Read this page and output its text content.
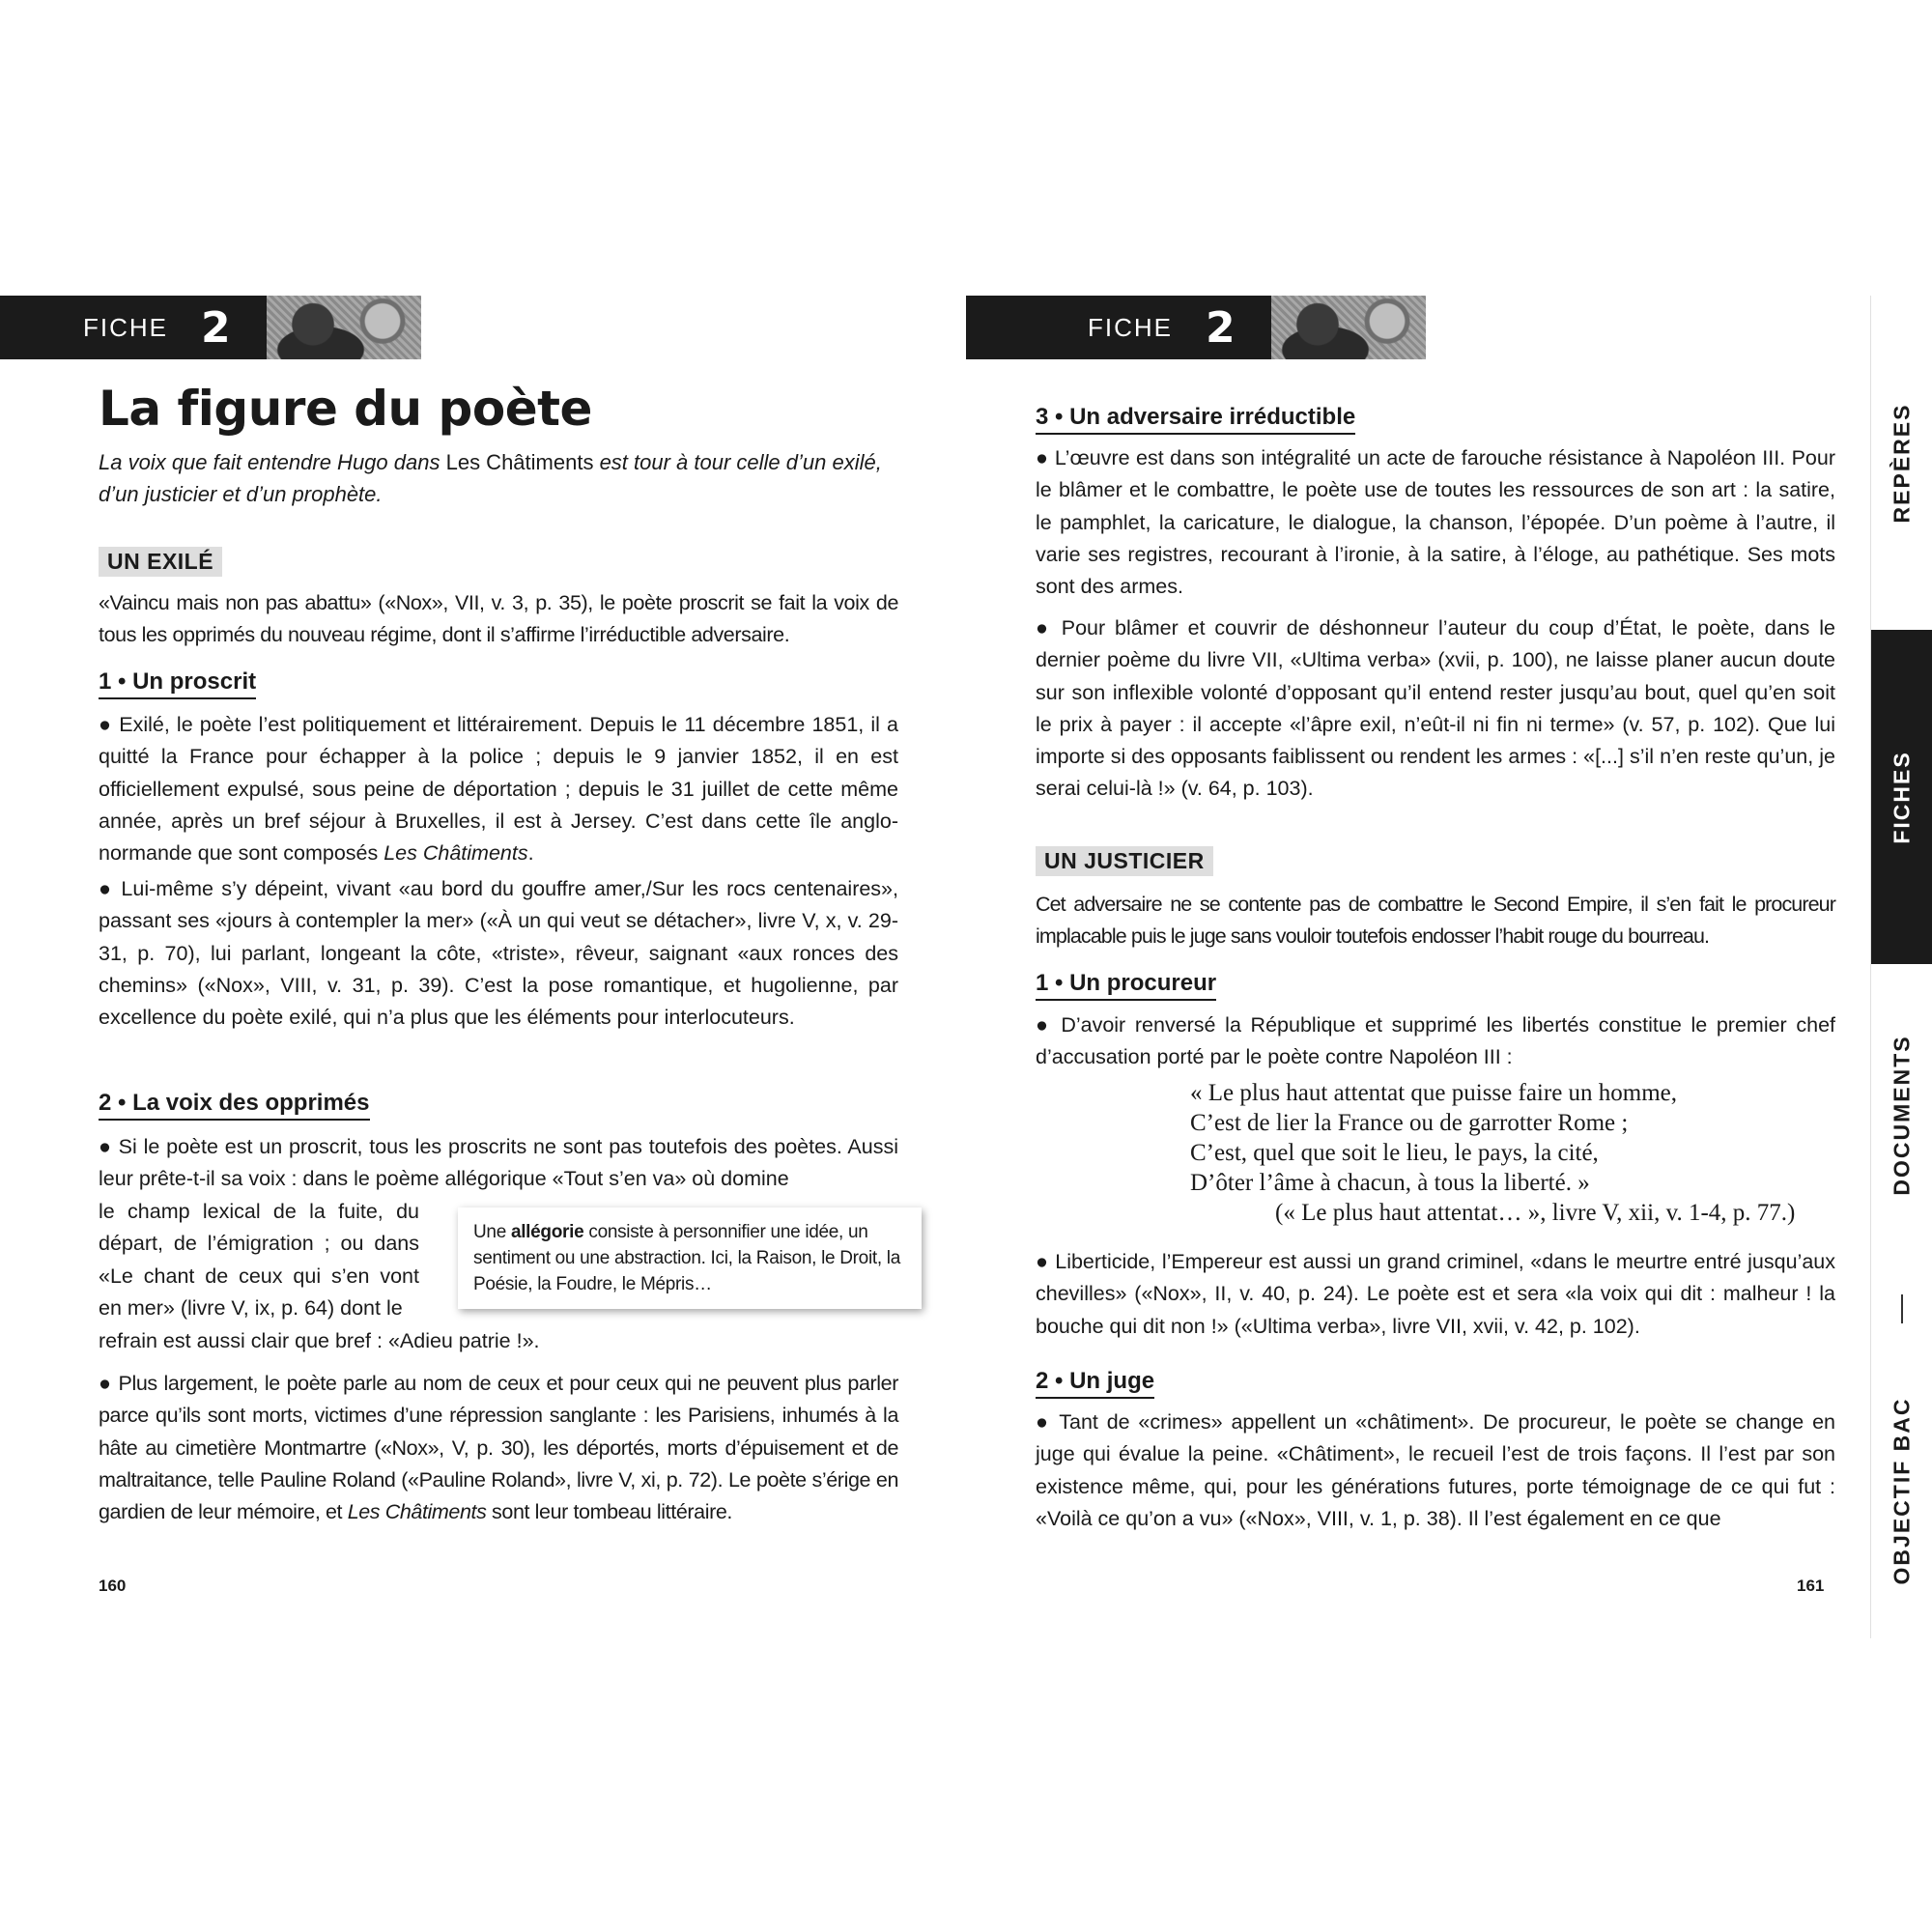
FICHE 2
La figure du poète

La voix que fait entendre Hugo dans Les Châtiments est tour à tour celle d’un exilé, d’un justicier et d’un prophète.

UN EXILÉ

«Vaincu mais non pas abattu» («Nox», VII, v. 3, p. 35), le poète proscrit se fait la voix de tous les opprimés du nouveau régime, dont il s’affirme l’irréductible adversaire.

1 • Un proscrit

● Exilé, le poète l’est politiquement et littérairement. Depuis le 11 décembre 1851, il a quitté la France pour échapper à la police ; depuis le 9 janvier 1852, il en est officiellement expulsé, sous peine de déportation ; depuis le 31 juillet de cette même année, après un bref séjour à Bruxelles, il est à Jersey. C’est dans cette île anglo-normande que sont composés Les Châtiments.

● Lui-même s’y dépeint, vivant «au bord du gouffre amer,/Sur les rocs centenaires», passant ses «jours à contempler la mer» («À un qui veut se détacher», livre V, x, v. 29-31, p. 70), lui parlant, longeant la côte, «triste», rêveur, saignant «aux ronces des chemins» («Nox», VIII, v. 31, p. 39). C’est la pose romantique, et hugolienne, par excellence du poète exilé, qui n’a plus que les éléments pour interlocuteurs.

2 • La voix des opprimés

● Si le poète est un proscrit, tous les proscrits ne sont pas toutefois des poètes. Aussi leur prête-t-il sa voix : dans le poème allégorique «Tout s’en va» où domine

le champ lexical de la fuite, du départ, de l’émigration ; ou dans «Le chant de ceux qui s’en vont en mer» (livre V, ix, p. 64) dont le

refrain est aussi clair que bref : «Adieu patrie !».

Une allégorie consiste à personnifier une idée, un sentiment ou une abstraction. Ici, la Raison, le Droit, la Poésie, la Foudre, le Mépris…

● Plus largement, le poète parle au nom de ceux et pour ceux qui ne peuvent plus parler parce qu’ils sont morts, victimes d’une répression sanglante : les Parisiens, inhumés à la hâte au cimetière Montmartre («Nox», V, p. 30), les déportés, morts d’épuisement et de maltraitance, telle Pauline Roland («Pauline Roland», livre V, xi, p. 72). Le poète s’érige en gardien de leur mémoire, et Les Châtiments sont leur tombeau littéraire.

160
FICHE 2
3 • Un adversaire irréductible

● L’œuvre est dans son intégralité un acte de farouche résistance à Napoléon III. Pour le blâmer et le combattre, le poète use de toutes les ressources de son art : la satire, le pamphlet, la caricature, le dialogue, la chanson, l’épopée. D’un poème à l’autre, il varie ses registres, recourant à l’ironie, à la satire, à l’éloge, au pathétique. Ses mots sont des armes.

● Pour blâmer et couvrir de déshonneur l’auteur du coup d’État, le poète, dans le dernier poème du livre VII, «Ultima verba» (xvii, p. 100), ne laisse planer aucun doute sur son inflexible volonté d’opposant qu’il entend rester jusqu’au bout, quel qu’en soit le prix à payer : il accepte «l’âpre exil, n’eût-il ni fin ni terme» (v. 57, p. 102). Que lui importe si des opposants faiblissent ou rendent les armes : «[...] s’il n’en reste qu’un, je serai celui-là !» (v. 64, p. 103).

UN JUSTICIER

Cet adversaire ne se contente pas de combattre le Second Empire, il s’en fait le procureur implacable puis le juge sans vouloir toutefois endosser l’habit rouge du bourreau.

1 • Un procureur

● D’avoir renversé la République et supprimé les libertés constitue le premier chef d’accusation porté par le poète contre Napoléon III :

« Le plus haut attentat que puisse faire un homme,
C’est de lier la France ou de garrotter Rome ;
C’est, quel que soit le lieu, le pays, la cité,
D’ôter l’âme à chacun, à tous la liberté. »
(« Le plus haut attentat… », livre V, xii, v. 1-4, p. 77.)

● Liberticide, l’Empereur est aussi un grand criminel, «dans le meurtre entré jusqu’aux chevilles» («Nox», II, v. 40, p. 24). Le poète est et sera «la voix qui dit : malheur ! la bouche qui dit non !» («Ultima verba», livre VII, xvii, v. 42, p. 102).

2 • Un juge

● Tant de «crimes» appellent un «châtiment». De procureur, le poète se change en juge qui évalue la peine. «Châtiment», le recueil l’est de trois façons. Il l’est par son existence même, qui, pour les générations futures, porte témoignage de ce qui fut : «Voilà ce qu’on a vu» («Nox», VIII, v. 1, p. 38). Il l’est également en ce que

161
REPÈRES
FICHES
DOCUMENTS
OBJECTIF BAC
